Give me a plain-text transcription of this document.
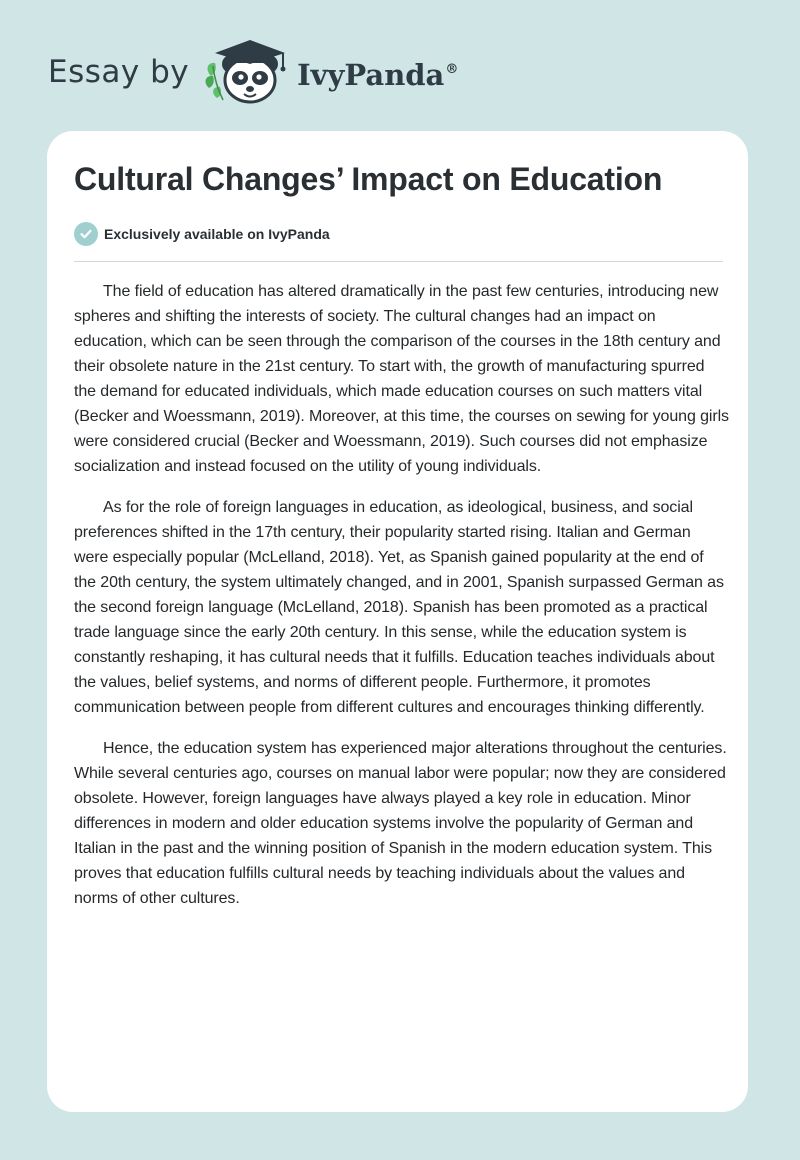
Essay by	IvyPanda®
Cultural Changes’ Impact on Education
Exclusively available on IvyPanda

The field of education has altered dramatically in the past few centuries, introducing new spheres and shifting the interests of society. The cultural changes had an impact on education, which can be seen through the comparison of the courses in the 18th century and their obsolete nature in the 21st century. To start with, the growth of manufacturing spurred the demand for educated individuals, which made education courses on such matters vital (Becker and Woessmann, 2019). Moreover, at this time, the courses on sewing for young girls were considered crucial (Becker and Woessmann, 2019). Such courses did not emphasize socialization and instead focused on the utility of young individuals.

As for the role of foreign languages in education, as ideological, business, and social preferences shifted in the 17th century, their popularity started rising. Italian and German were especially popular (McLelland, 2018). Yet, as Spanish gained popularity at the end of the 20th century, the system ultimately changed, and in 2001, Spanish surpassed German as the second foreign language (McLelland, 2018). Spanish has been promoted as a practical trade language since the early 20th century. In this sense, while the education system is constantly reshaping, it has cultural needs that it fulfills. Education teaches individuals about the values, belief systems, and norms of different people. Furthermore, it promotes communication between people from different cultures and encourages thinking differently.

Hence, the education system has experienced major alterations throughout the centuries. While several centuries ago, courses on manual labor were popular; now they are considered obsolete. However, foreign languages have always played a key role in education. Minor differences in modern and older education systems involve the popularity of German and Italian in the past and the winning position of Spanish in the modern education system. This proves that education fulfills cultural needs by teaching individuals about the values and norms of other cultures.
